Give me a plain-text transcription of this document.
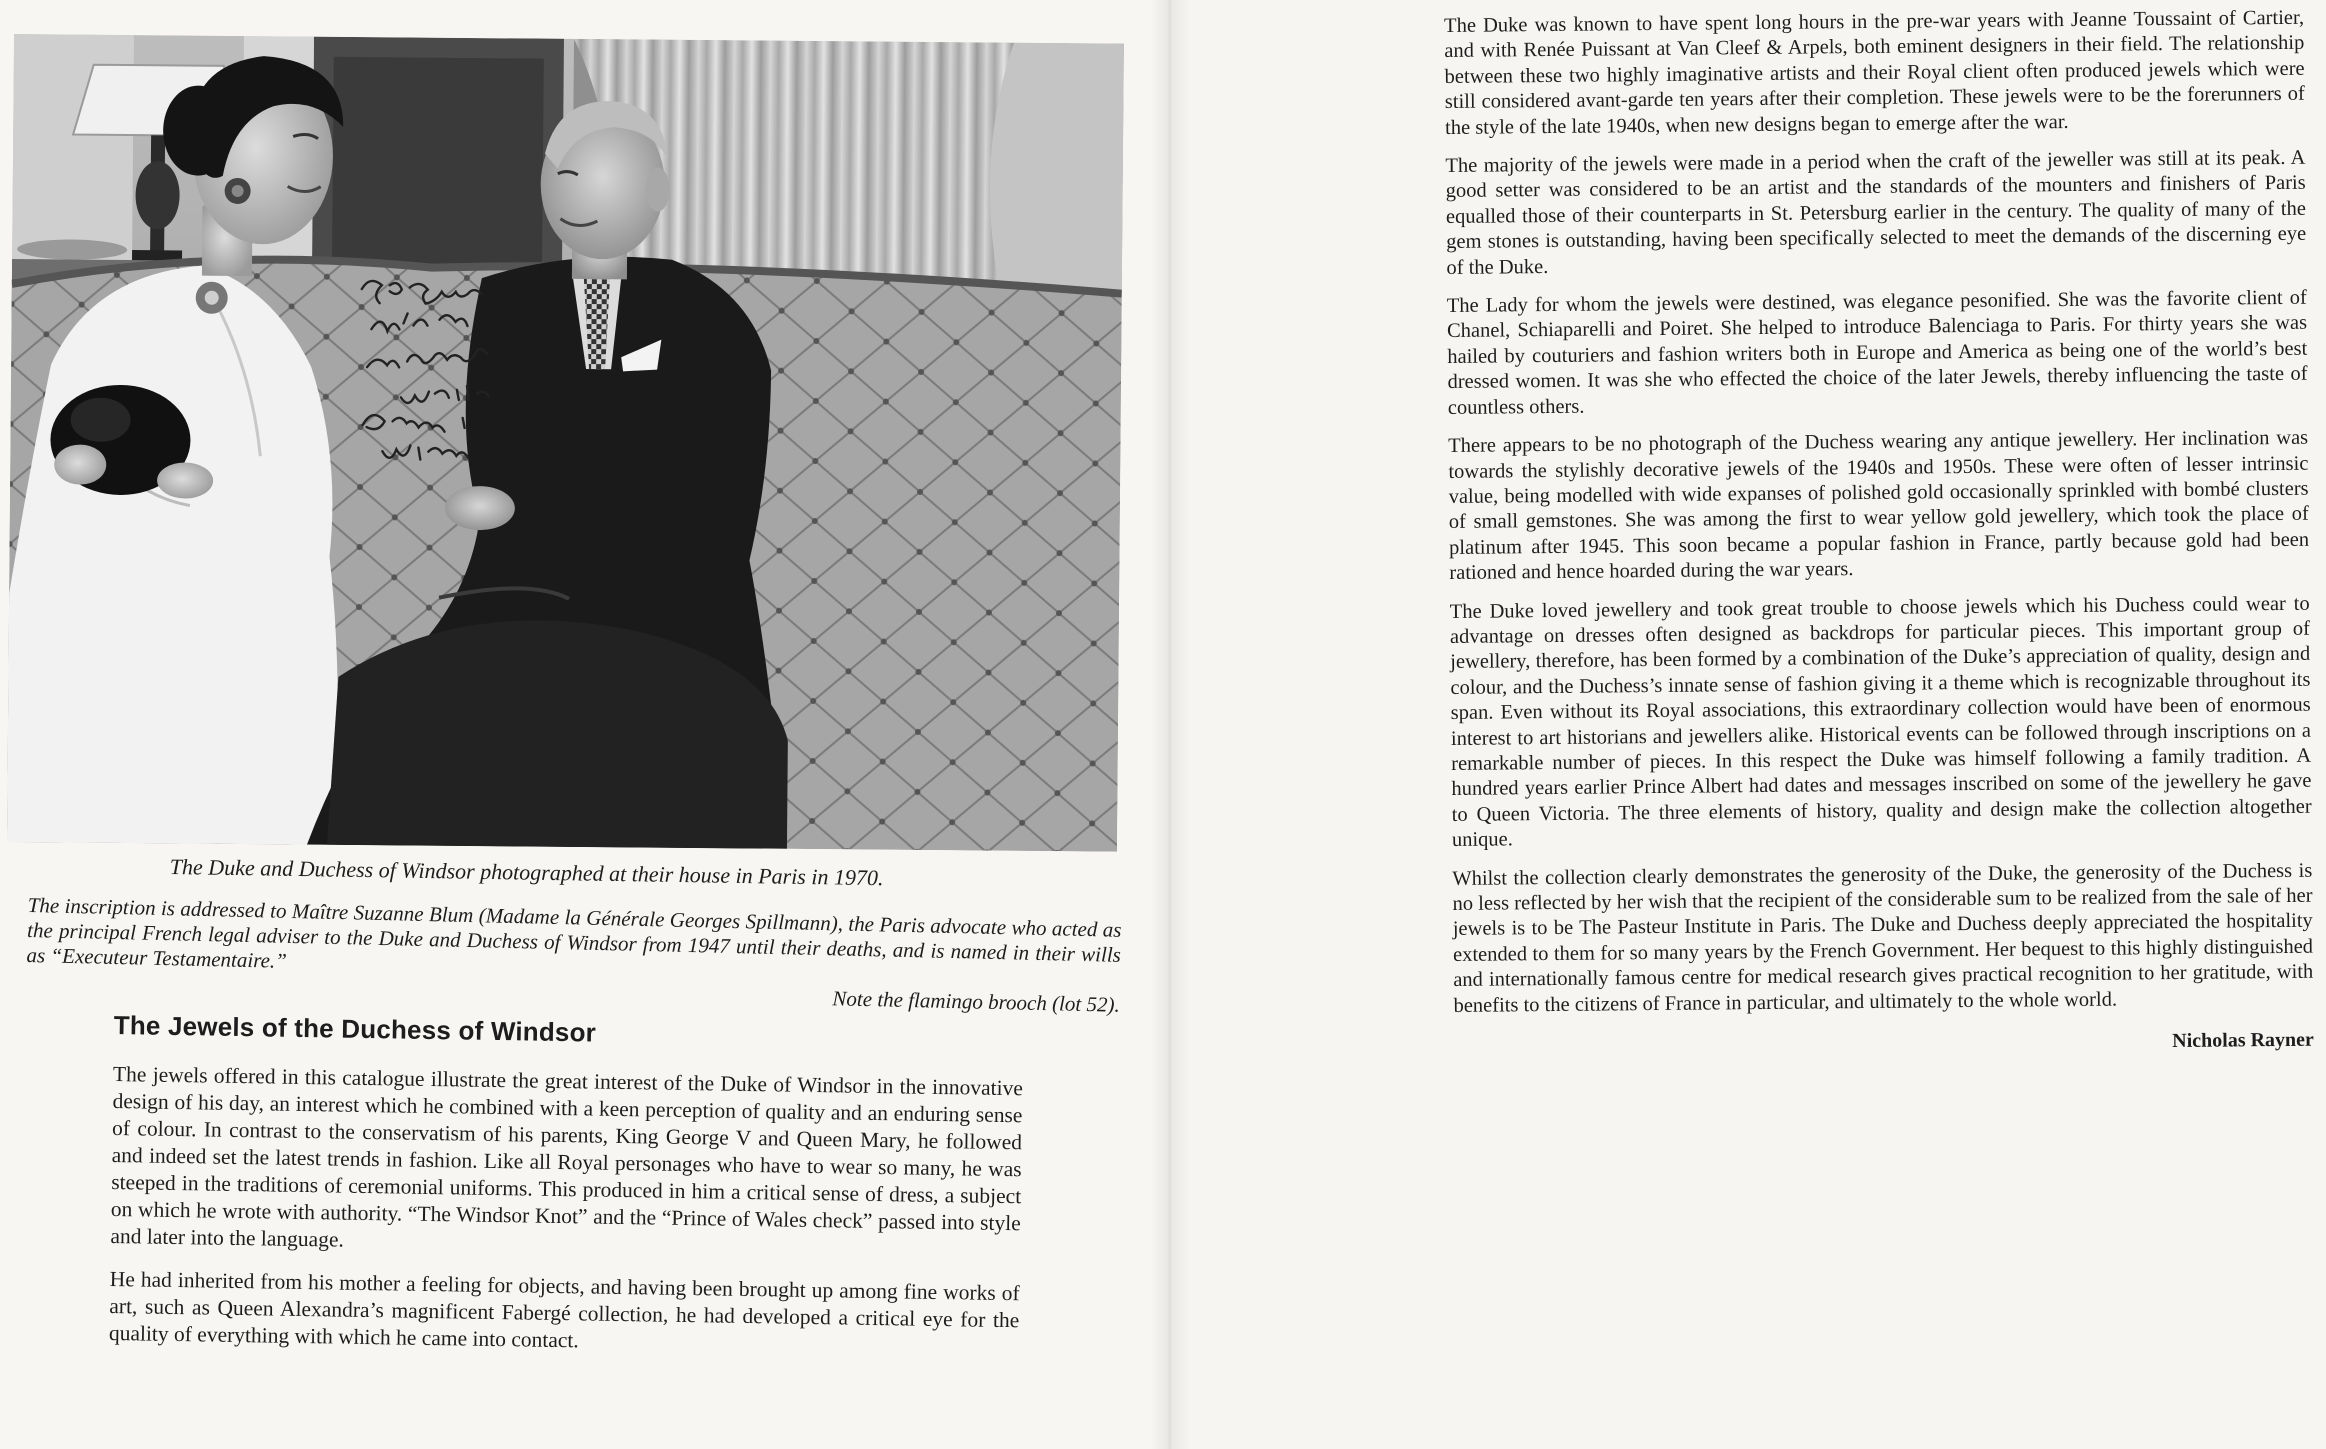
The Duke and Duchess of Windsor photographed at their house in Paris in 1970.
The inscription is addressed to Maître Suzanne Blum (Madame la Générale Georges Spillmann), the Paris advocate who acted as the principal French legal adviser to the Duke and Duchess of Windsor from 1947 until their deaths, and is named in their wills as “Executeur Testamentaire.”
Note the flamingo brooch (lot 52).
The Jewels of the Duchess of Windsor

The jewels offered in this catalogue illustrate the great interest of the Duke of Windsor in the innovative design of his day, an interest which he combined with a keen perception of quality and an enduring sense of colour. In contrast to the conservatism of his parents, King George V and Queen Mary, he followed and indeed set the latest trends in fashion. Like all Royal personages who have to wear so many, he was steeped in the traditions of ceremonial uniforms. This produced in him a critical sense of dress, a subject on which he wrote with authority. “The Windsor Knot” and the “Prince of Wales check” passed into style and later into the language.

He had inherited from his mother a feeling for objects, and having been brought up among fine works of art, such as Queen Alexandra’s magnificent Fabergé collection, he had developed a critical eye for the quality of everything with which he came into contact.

The Duke was known to have spent long hours in the pre-war years with Jeanne Toussaint of Cartier, and with Renée Puissant at Van Cleef & Arpels, both eminent designers in their field. The relationship between these two highly imaginative artists and their Royal client often produced jewels which were still considered avant-garde ten years after their completion. These jewels were to be the forerunners of the style of the late 1940s, when new designs began to emerge after the war.

The majority of the jewels were made in a period when the craft of the jeweller was still at its peak. A good setter was considered to be an artist and the standards of the mounters and finishers of Paris equalled those of their counterparts in St. Petersburg earlier in the century. The quality of many of the gem stones is outstanding, having been specifically selected to meet the demands of the discerning eye of the Duke.

The Lady for whom the jewels were destined, was elegance pesonified. She was the favorite client of Chanel, Schiaparelli and Poiret. She helped to introduce Balenciaga to Paris. For thirty years she was hailed by couturiers and fashion writers both in Europe and America as being one of the world’s best dressed women. It was she who effected the choice of the later Jewels, thereby influencing the taste of countless others.

There appears to be no photograph of the Duchess wearing any antique jewellery. Her inclination was towards the stylishly decorative jewels of the 1940s and 1950s. These were often of lesser intrinsic value, being modelled with wide expanses of polished gold occasionally sprinkled with bombé clusters of small gemstones. She was among the first to wear yellow gold jewellery, which took the place of platinum after 1945. This soon became a popular fashion in France, partly because gold had been rationed and hence hoarded during the war years.

The Duke loved jewellery and took great trouble to choose jewels which his Duchess could wear to advantage on dresses often designed as backdrops for particular pieces. This important group of jewellery, therefore, has been formed by a combination of the Duke’s appreciation of quality, design and colour, and the Duchess’s innate sense of fashion giving it a theme which is recognizable throughout its span. Even without its Royal associations, this extraordinary collection would have been of enormous interest to art historians and jewellers alike. Historical events can be followed through inscriptions on a remarkable number of pieces. In this respect the Duke was himself following a family tradition. A hundred years earlier Prince Albert had dates and messages inscribed on some of the jewellery he gave to Queen Victoria. The three elements of history, quality and design make the collection altogether unique.

Whilst the collection clearly demonstrates the generosity of the Duke, the generosity of the Duchess is no less reflected by her wish that the recipient of the considerable sum to be realized from the sale of her jewels is to be The Pasteur Institute in Paris. The Duke and Duchess deeply appreciated the hospitality extended to them for so many years by the French Government. Her bequest to this highly distinguished and internationally famous centre for medical research gives practical recognition to her gratitude, with benefits to the citizens of France in particular, and ultimately to the whole world.

Nicholas Rayner
